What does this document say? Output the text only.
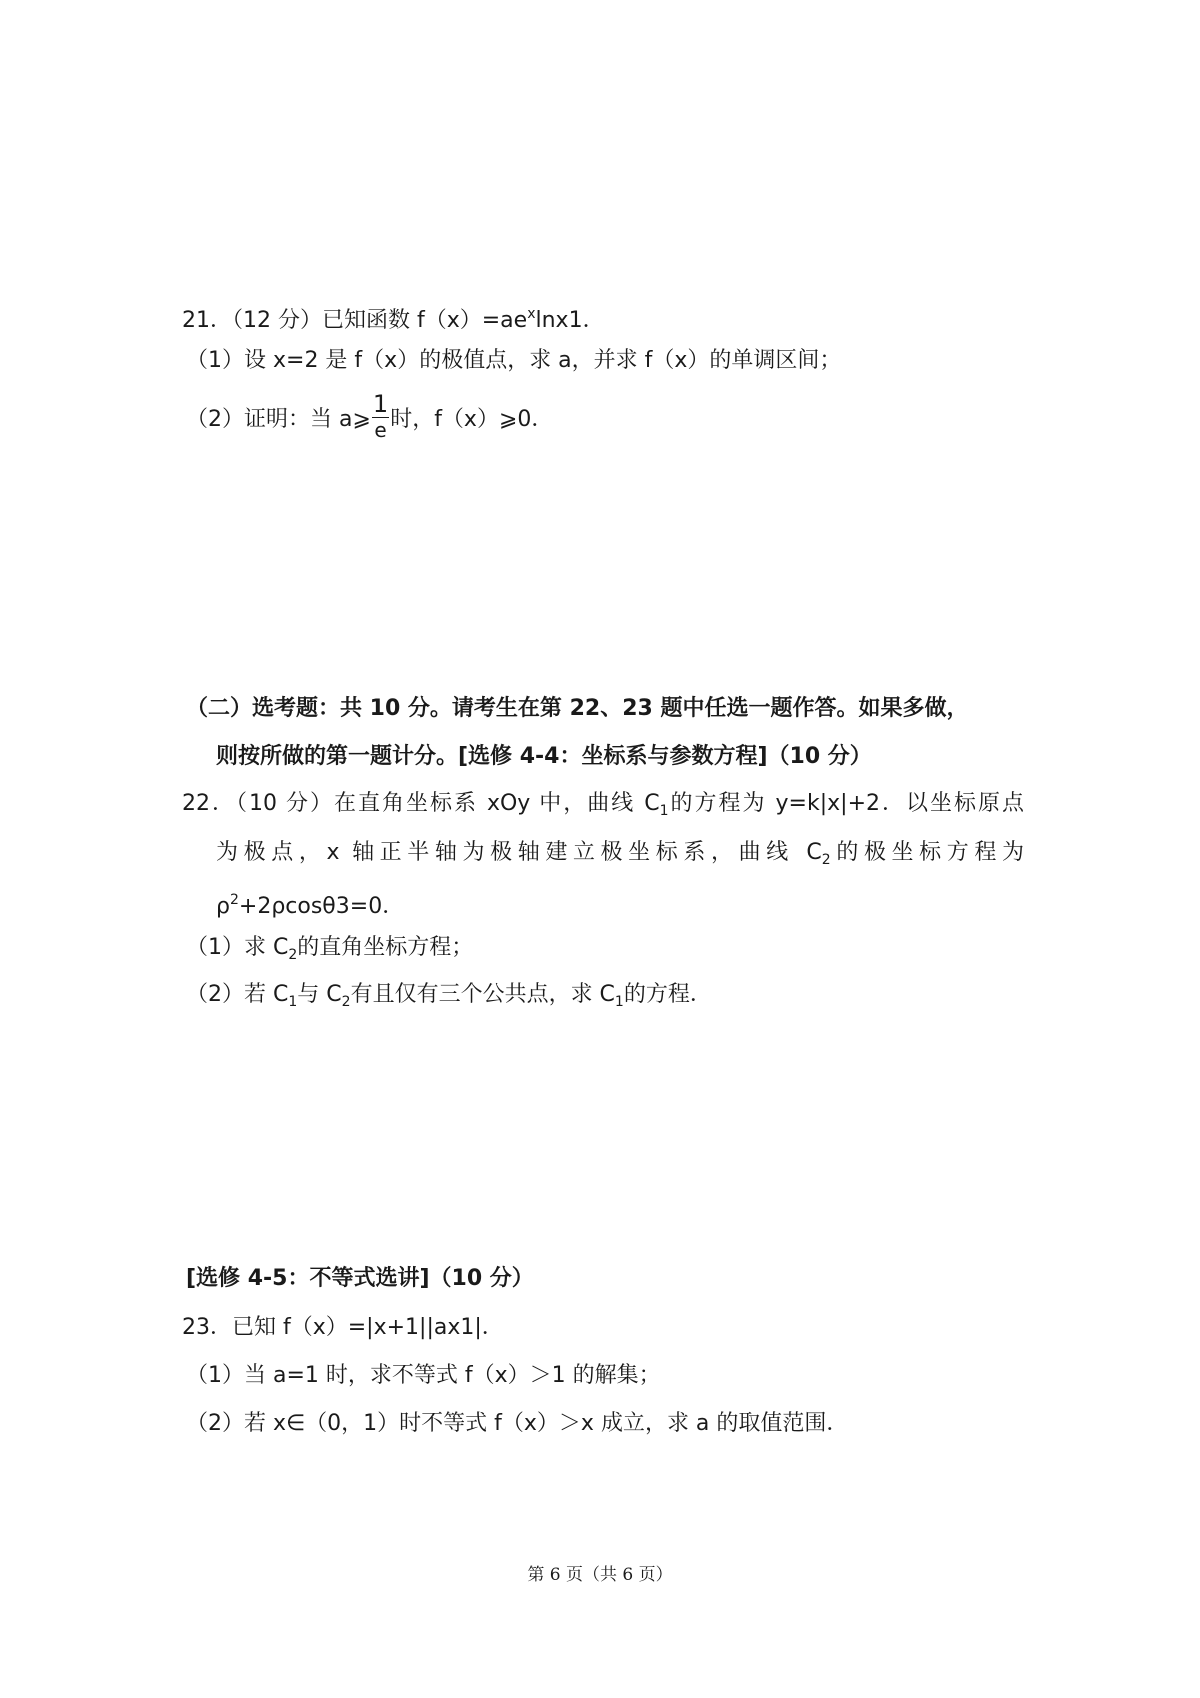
21．（12 分）已知函数 $f(x)=ae^x\ln x1$．
（1）设 x=2 是 f（x）的极值点，求 a，并求 f（x）的单调区间；
（2）证明：当 a⩾ $\frac{1}{e}$ 时，f（x）⩾0．
（二）选考题：共 10 分。请考生在第 22、23 题中任选一题作答。如果多做，
则按所做的第一题计分。[选修 4-4：坐标系与参数方程]（10 分）
22．（10 分）在直角坐标系 xOy 中，曲线 $C_1$的方程为 y=k|x|+2．以坐标原点
为极点，x 轴正半轴为极轴建立极坐标系，曲线 $C_2$的极坐标方程为
$\rho^2+2\rho\cos\theta 3=0$．
（1）求 $C_2$的直角坐标方程；
（2）若 $C_1$与 $C_2$有且仅有三个公共点，求 $C_1$的方程．
[选修 4-5：不等式选讲]（10 分）
23．已知 f（x）=|x+1||ax1|．
（1）当 a=1 时，求不等式 f（x）＞1 的解集；
（2）若 x∈（0，1）时不等式 f（x）＞x 成立，求 a 的取值范围．
第 6 页（共 6 页）
